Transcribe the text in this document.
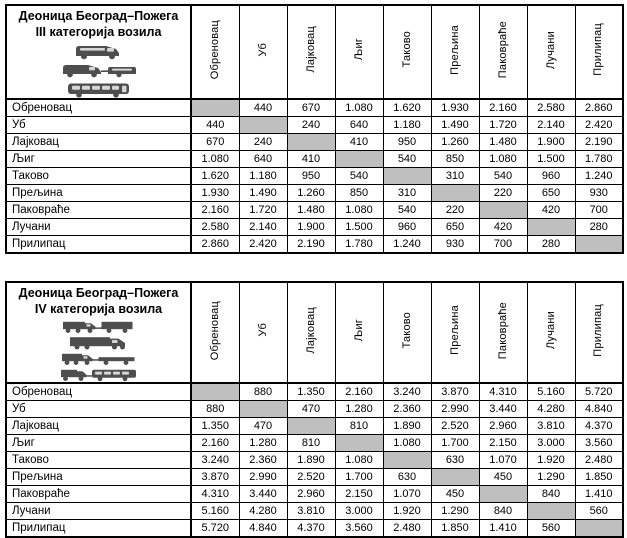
Деоница Београд–Пожега
III категорија возила	Обреновац	Уб	Лајковац	Љиг	Таково	Прељина	Паковраће	Лучани	Прилипац
Обреновац		440	670	1.080	1.620	1.930	2.160	2.580	2.860
Уб	440		240	640	1.180	1.490	1.720	2.140	2.420
Лајковац	670	240		410	950	1.260	1.480	1.900	2.190
Љиг	1.080	640	410		540	850	1.080	1.500	1.780
Таково	1.620	1.180	950	540		310	540	960	1.240
Прељина	1.930	1.490	1.260	850	310		220	650	930
Паковраће	2.160	1.720	1.480	1.080	540	220		420	700
Лучани	2.580	2.140	1.900	1.500	960	650	420		280
Прилипац	2.860	2.420	2.190	1.780	1.240	930	700	280	
Деоница Београд–Пожега
IV категорија возила	Обреновац	Уб	Лајковац	Љиг	Таково	Прељина	Паковраће	Лучани	Прилипац
Обреновац		880	1.350	2.160	3.240	3.870	4.310	5.160	5.720
Уб	880		470	1.280	2.360	2.990	3.440	4.280	4.840
Лајковац	1.350	470		810	1.890	2.520	2.960	3.810	4.370
Љиг	2.160	1.280	810		1.080	1.700	2.150	3.000	3.560
Таково	3.240	2.360	1.890	1.080		630	1.070	1.920	2.480
Прељина	3.870	2.990	2.520	1.700	630		450	1.290	1.850
Паковраће	4.310	3.440	2.960	2.150	1.070	450		840	1.410
Лучани	5.160	4.280	3.810	3.000	1.920	1.290	840		560
Прилипац	5.720	4.840	4.370	3.560	2.480	1.850	1.410	560	
